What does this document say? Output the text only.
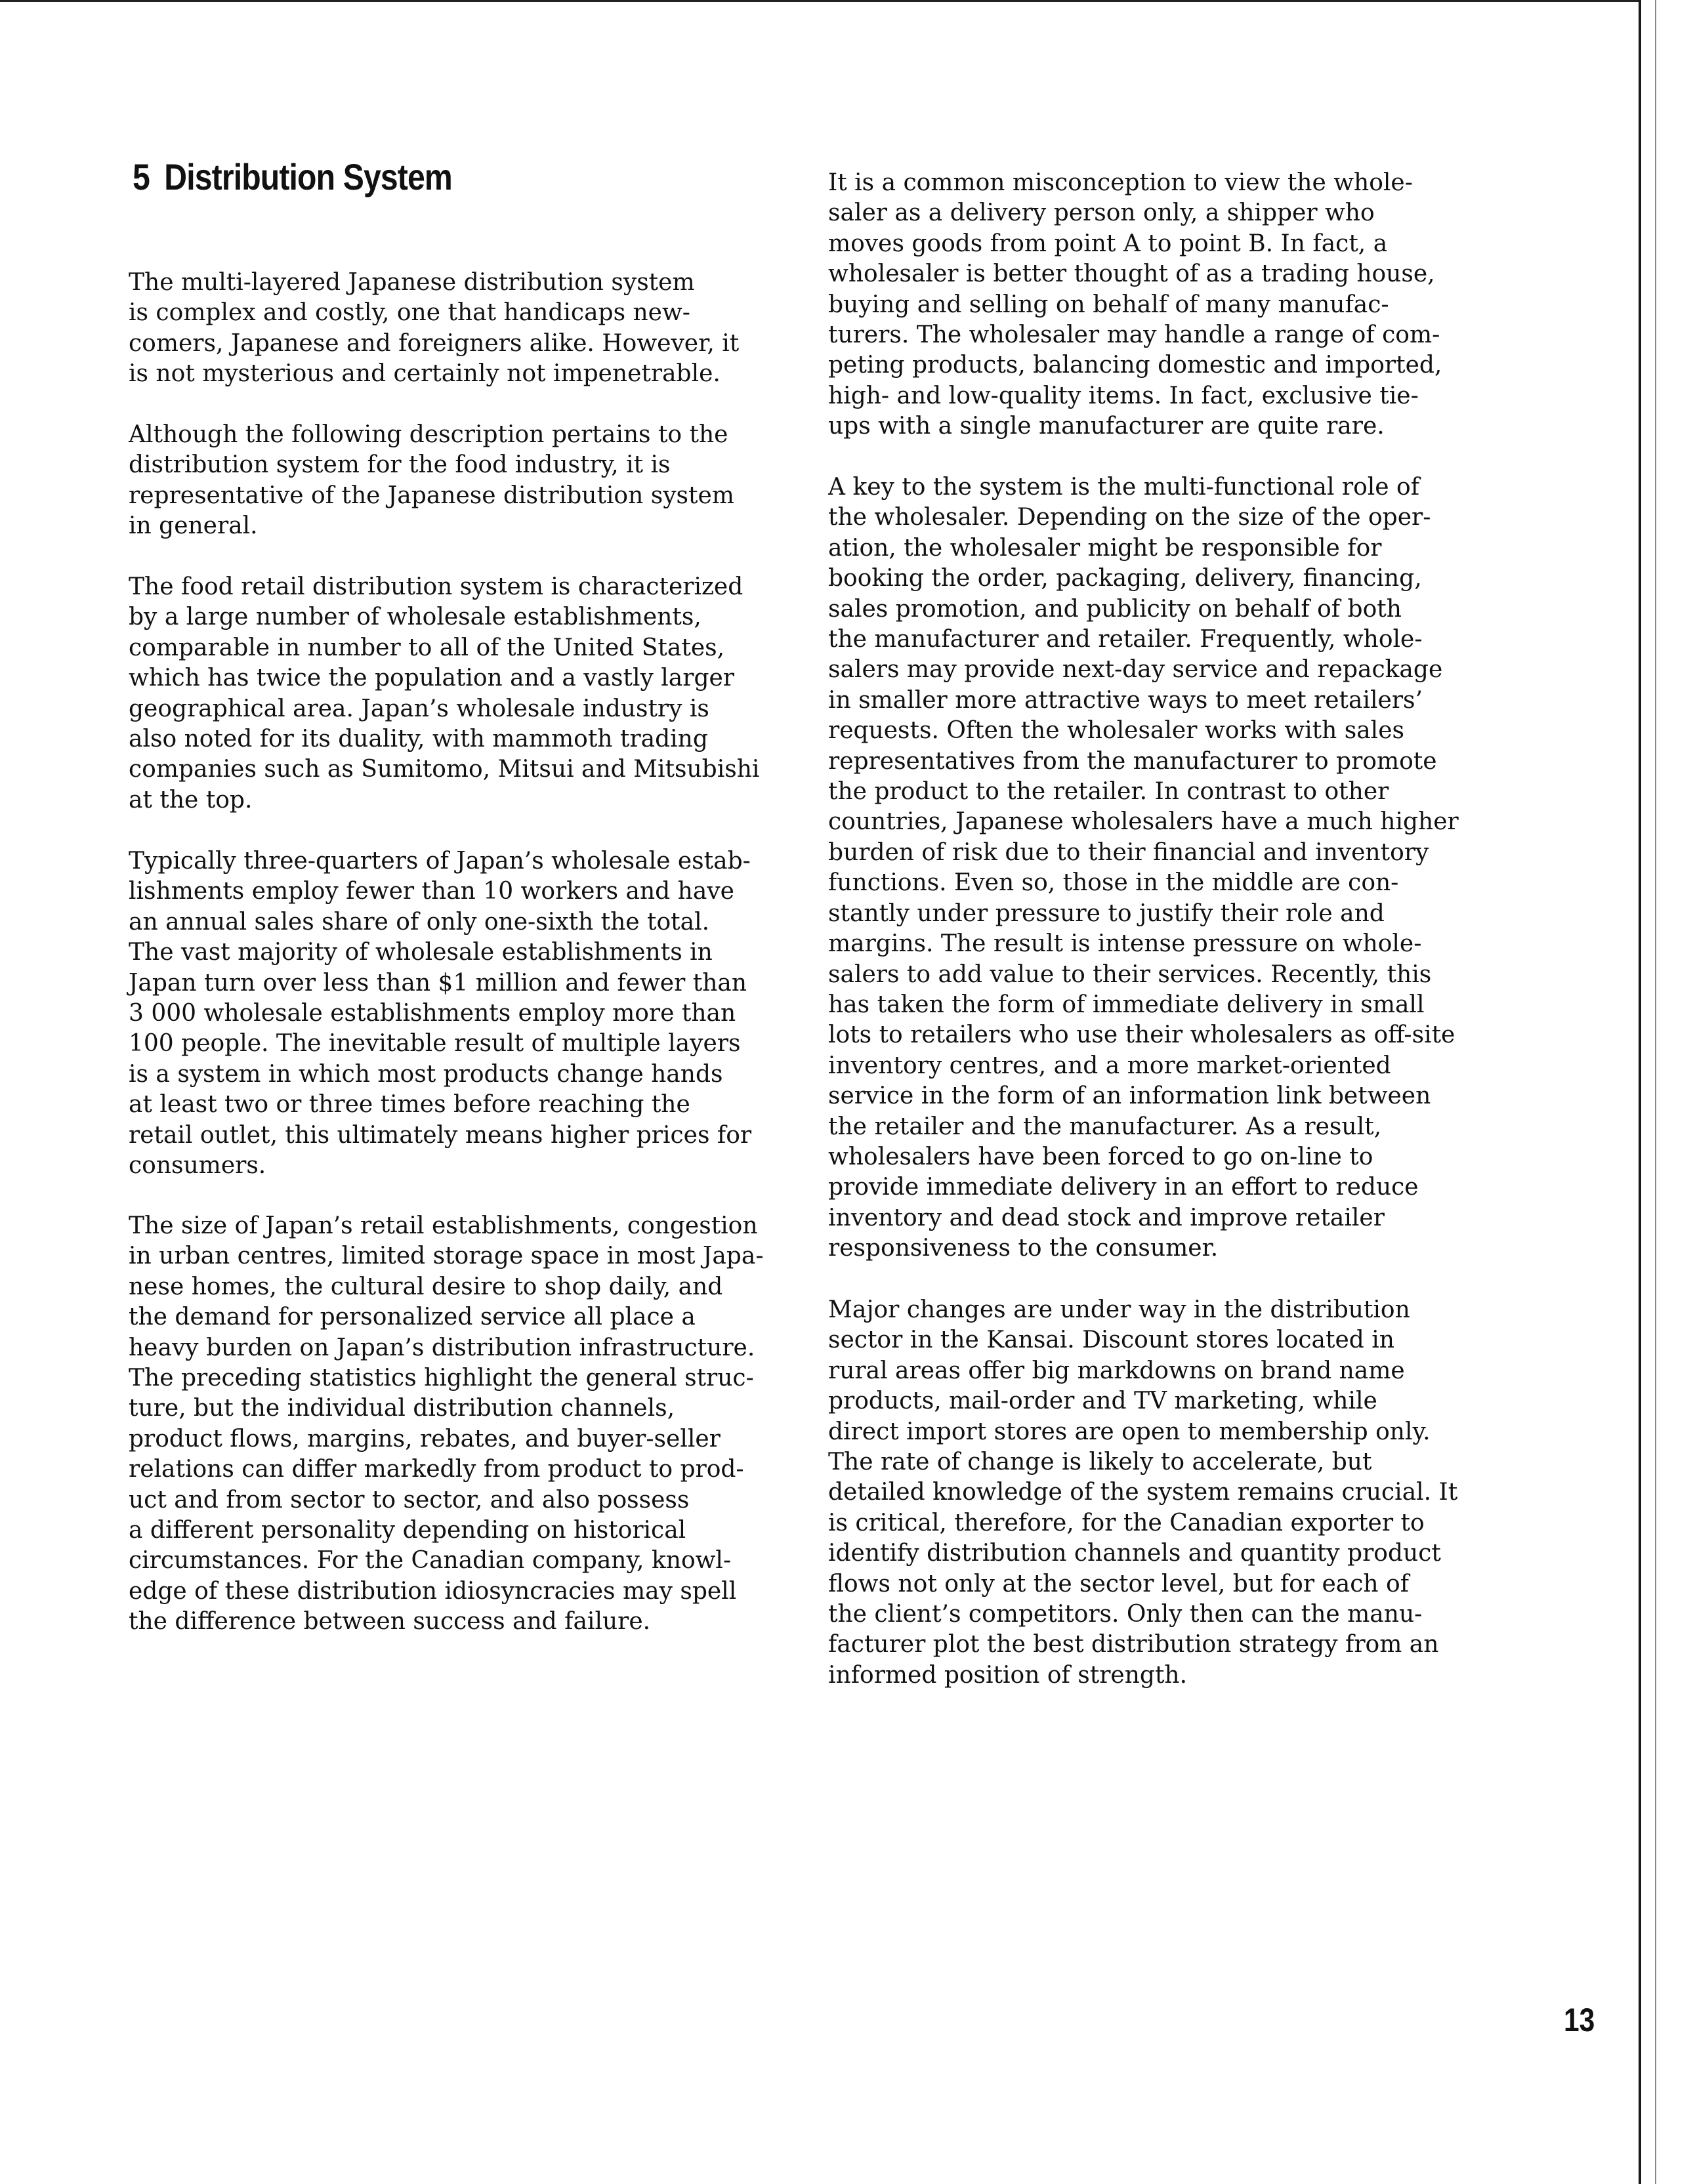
5 Distribution System

The multi-layered Japanese distribution system
is complex and costly, one that handicaps new-
comers, Japanese and foreigners alike. However, it
is not mysterious and certainly not impenetrable.

Although the following description pertains to the
distribution system for the food industry, it is
representative of the Japanese distribution system
in general.

The food retail distribution system is characterized
by a large number of wholesale establishments,
comparable in number to all of the United States,
which has twice the population and a vastly larger
geographical area. Japan’s wholesale industry is
also noted for its duality, with mammoth trading
companies such as Sumitomo, Mitsui and Mitsubishi
at the top.

Typically three-quarters of Japan’s wholesale estab-
lishments employ fewer than 10 workers and have
an annual sales share of only one-sixth the total.
The vast majority of wholesale establishments in
Japan turn over less than $1 million and fewer than
3 000 wholesale establishments employ more than
100 people. The inevitable result of multiple layers
is a system in which most products change hands
at least two or three times before reaching the
retail outlet, this ultimately means higher prices for
consumers.

The size of Japan’s retail establishments, congestion
in urban centres, limited storage space in most Japa-
nese homes, the cultural desire to shop daily, and
the demand for personalized service all place a
heavy burden on Japan’s distribution infrastructure.
The preceding statistics highlight the general struc-
ture, but the individual distribution channels,
product flows, margins, rebates, and buyer-seller
relations can differ markedly from product to prod-
uct and from sector to sector, and also possess
a different personality depending on historical
circumstances. For the Canadian company, knowl-
edge of these distribution idiosyncracies may spell
the difference between success and failure.

It is a common misconception to view the whole-
saler as a delivery person only, a shipper who
moves goods from point A to point B. In fact, a
wholesaler is better thought of as a trading house,
buying and selling on behalf of many manufac-
turers. The wholesaler may handle a range of com-
peting products, balancing domestic and imported,
high- and low-quality items. In fact, exclusive tie-
ups with a single manufacturer are quite rare.

A key to the system is the multi-functional role of
the wholesaler. Depending on the size of the oper-
ation, the wholesaler might be responsible for
booking the order, packaging, delivery, financing,
sales promotion, and publicity on behalf of both
the manufacturer and retailer. Frequently, whole-
salers may provide next-day service and repackage
in smaller more attractive ways to meet retailers’
requests. Often the wholesaler works with sales
representatives from the manufacturer to promote
the product to the retailer. In contrast to other
countries, Japanese wholesalers have a much higher
burden of risk due to their financial and inventory
functions. Even so, those in the middle are con-
stantly under pressure to justify their role and
margins. The result is intense pressure on whole-
salers to add value to their services. Recently, this
has taken the form of immediate delivery in small
lots to retailers who use their wholesalers as off-site
inventory centres, and a more market-oriented
service in the form of an information link between
the retailer and the manufacturer. As a result,
wholesalers have been forced to go on-line to
provide immediate delivery in an effort to reduce
inventory and dead stock and improve retailer
responsiveness to the consumer.

Major changes are under way in the distribution
sector in the Kansai. Discount stores located in
rural areas offer big markdowns on brand name
products, mail-order and TV marketing, while
direct import stores are open to membership only.
The rate of change is likely to accelerate, but
detailed knowledge of the system remains crucial. It
is critical, therefore, for the Canadian exporter to
identify distribution channels and quantity product
flows not only at the sector level, but for each of
the client’s competitors. Only then can the manu-
facturer plot the best distribution strategy from an
informed position of strength.

13
